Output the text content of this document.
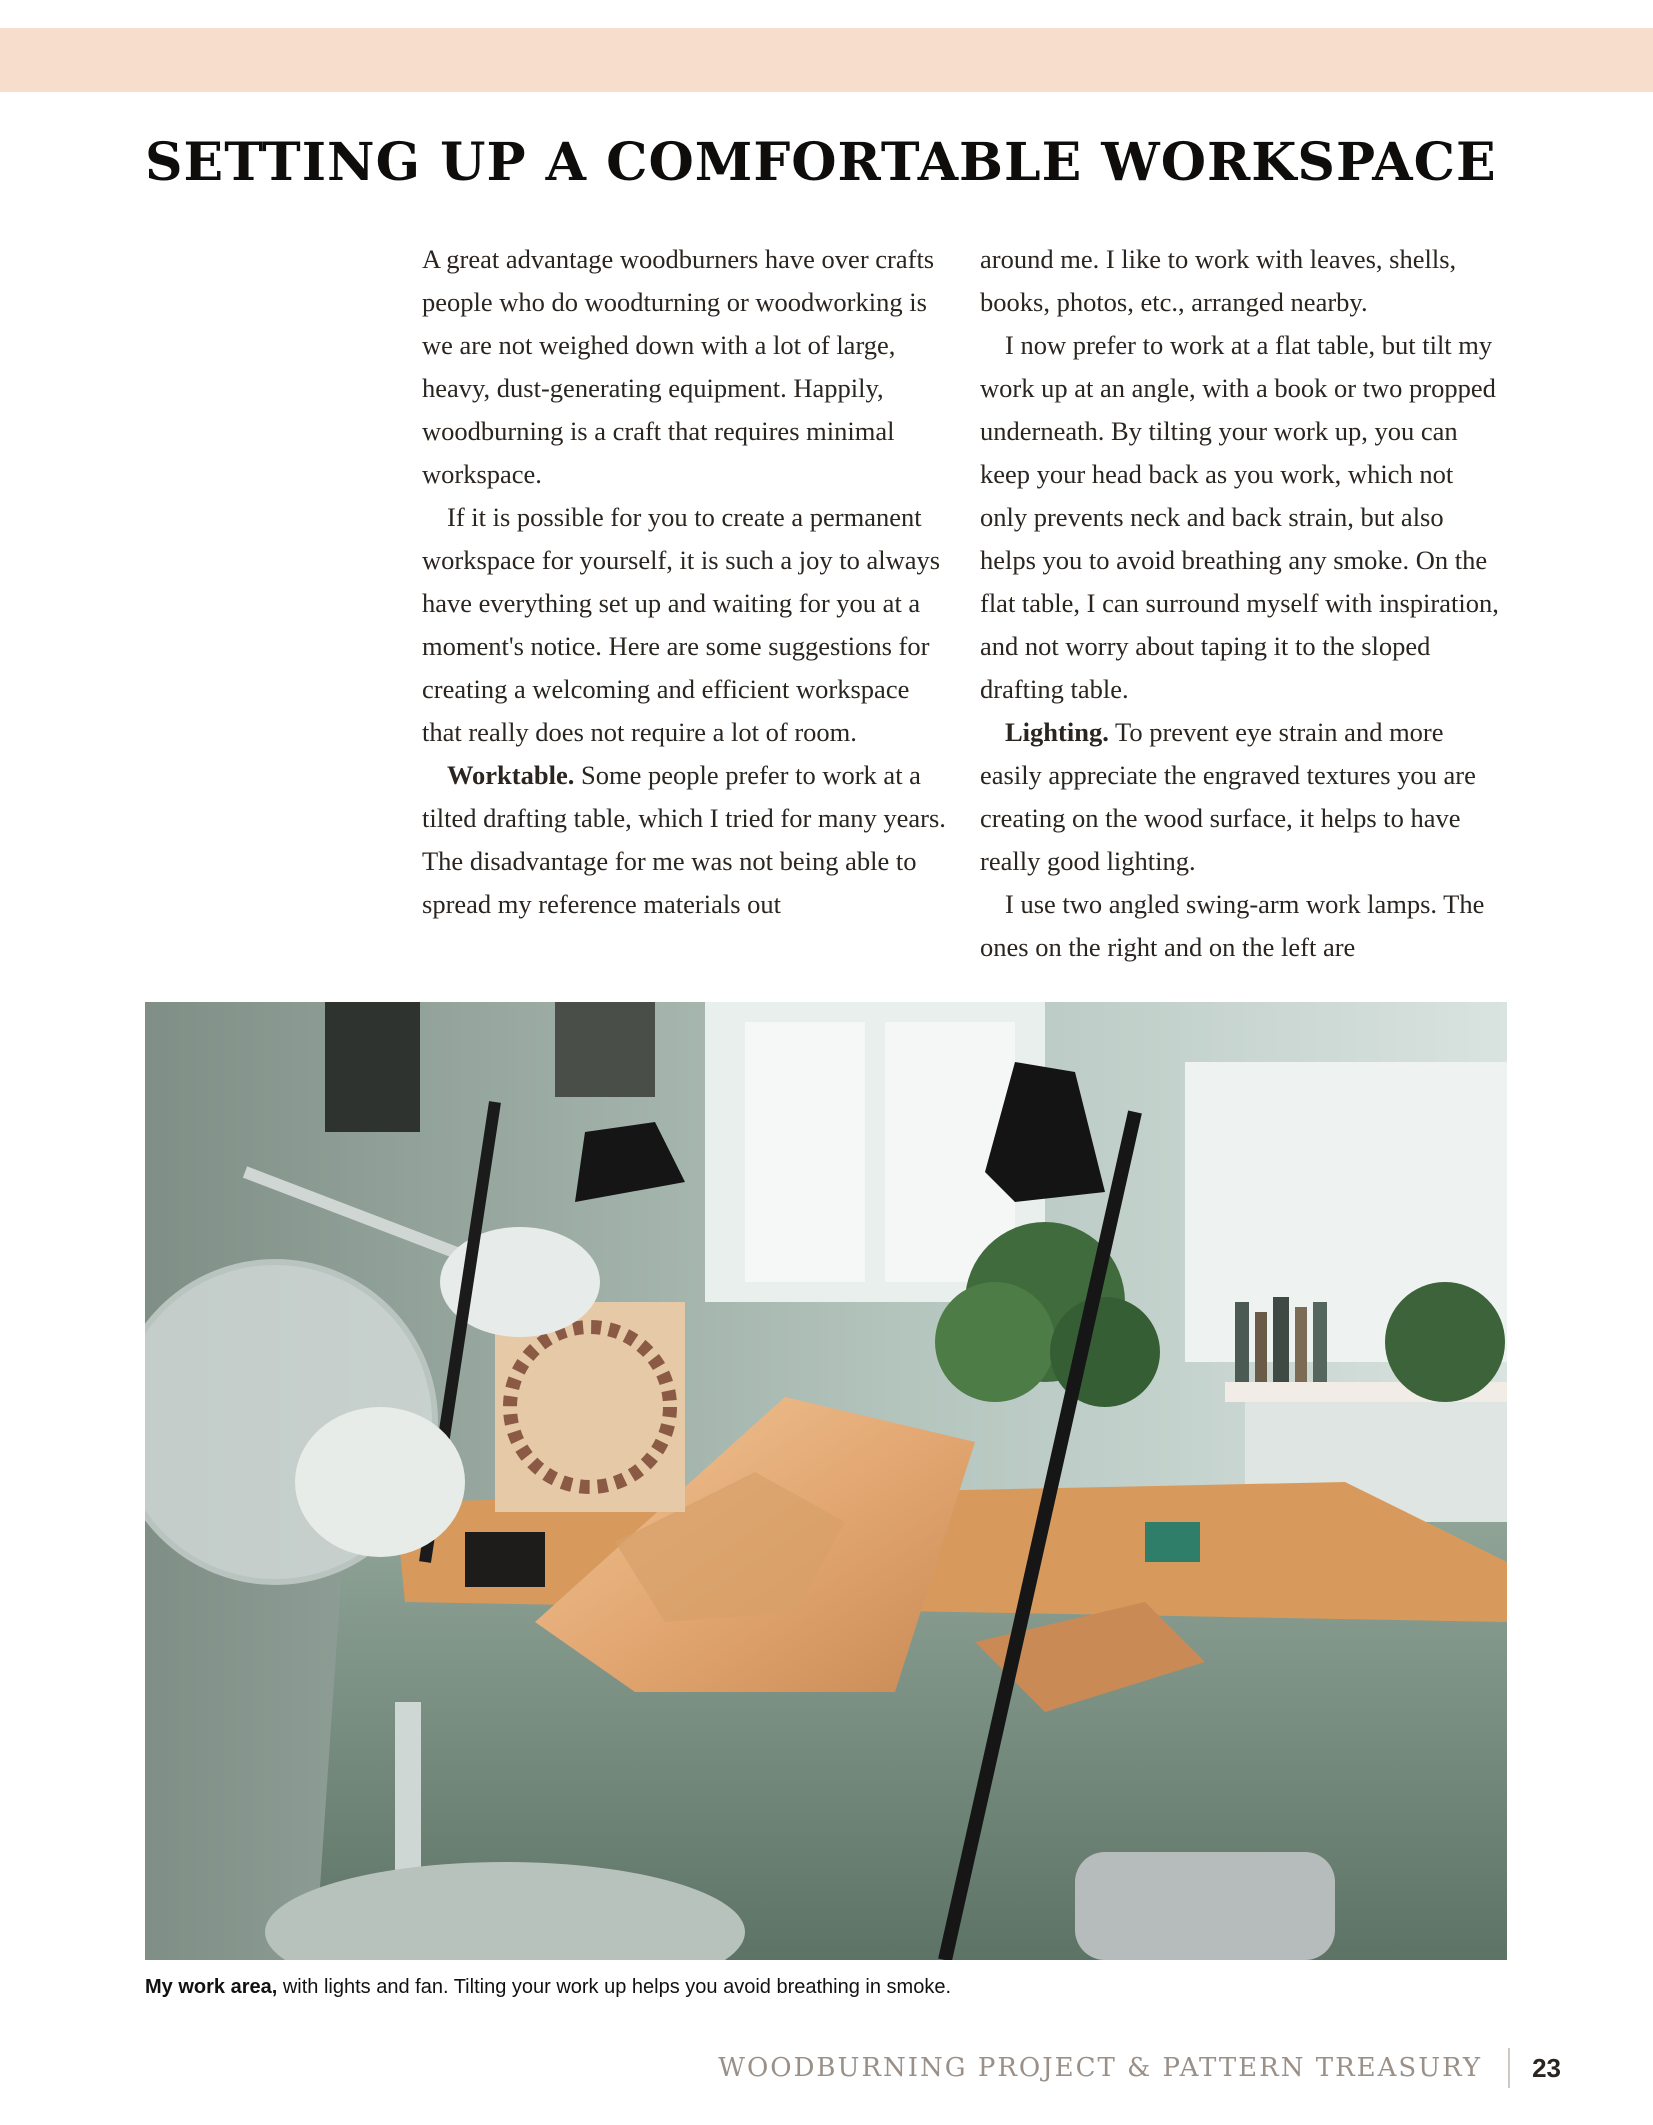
SETTING UP A COMFORTABLE WORKSPACE

A great advantage woodburners have over crafts people who do woodturning or woodworking is we are not weighed down with a lot of large, heavy, dust-generating equipment. Happily, woodburning is a craft that requires minimal workspace.

If it is possible for you to create a permanent workspace for yourself, it is such a joy to always have everything set up and waiting for you at a moment's notice. Here are some suggestions for creating a welcoming and efficient workspace that really does not require a lot of room.

Worktable. Some people prefer to work at a tilted drafting table, which I tried for many years. The disadvantage for me was not being able to spread my reference materials out

around me. I like to work with leaves, shells, books, photos, etc., arranged nearby.

I now prefer to work at a flat table, but tilt my work up at an angle, with a book or two propped underneath. By tilting your work up, you can keep your head back as you work, which not only prevents neck and back strain, but also helps you to avoid breathing any smoke. On the flat table, I can surround myself with inspiration, and not worry about taping it to the sloped drafting table.

Lighting. To prevent eye strain and more easily appreciate the engraved textures you are creating on the wood surface, it helps to have really good lighting.

I use two angled swing-arm work lamps. The ones on the right and on the left are

My work area, with lights and fan. Tilting your work up helps you avoid breathing in smoke.
WOODBURNING PROJECT & PATTERN TREASURY 23
